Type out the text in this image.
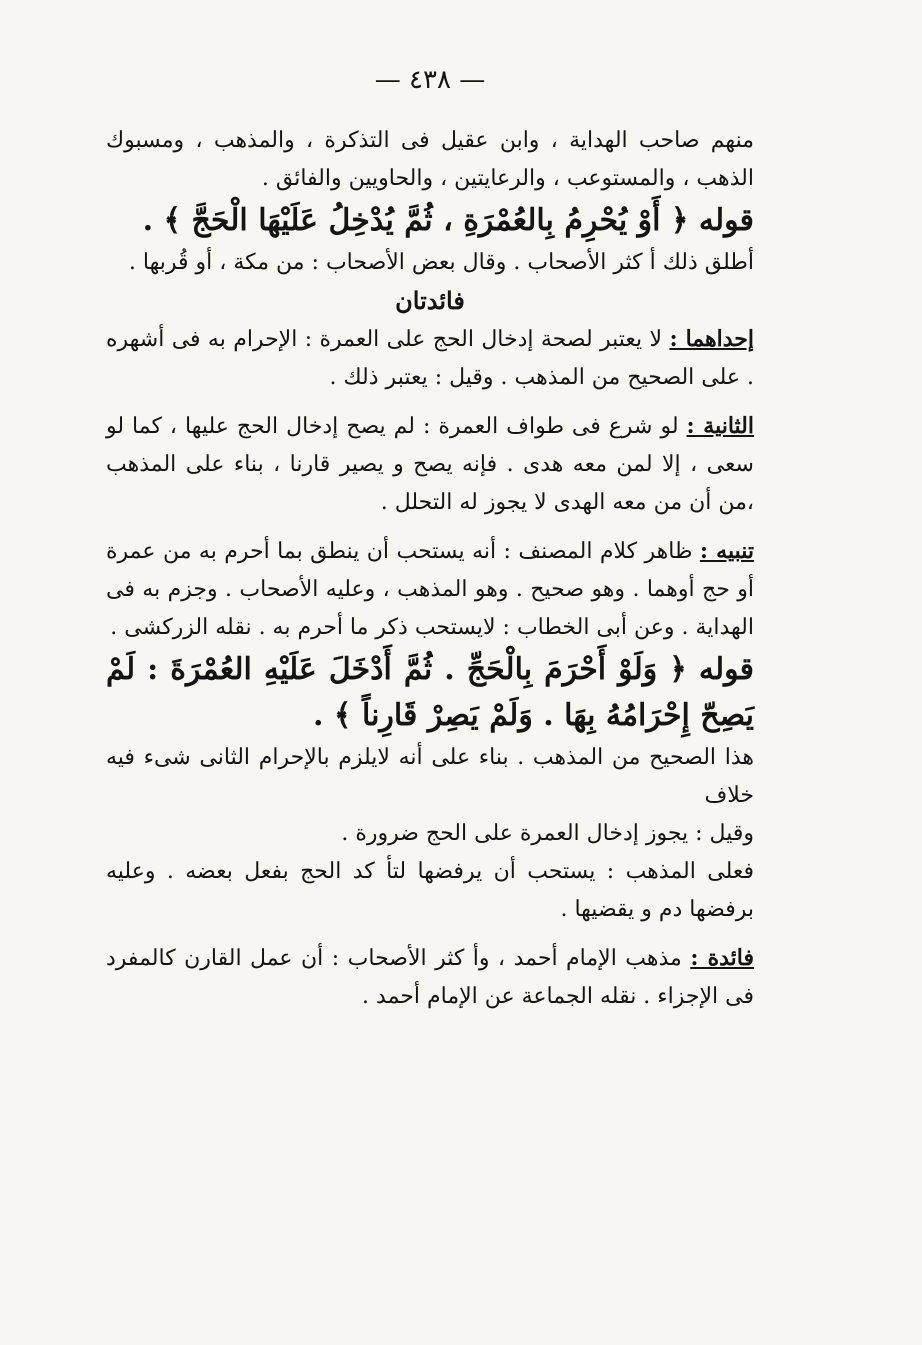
— ٤٣٨ —

منهم صاحب الهداية ، وابن عقيل فى التذكرة ، والمذهب ، ومسبوك الذهب ، والمستوعب ، والرعايتين ، والحاويين والفائق .

قوله ﴿ أَوْ يُحْرِمُ بِالعُمْرَةِ ، ثُمَّ يُدْخِلُ عَلَيْهَا الْحَجَّ ﴾ .

أطلق ذلك أ كثر الأصحاب . وقال بعض الأصحاب : من مكة ، أو قُربها .

فائدتان

إحداهما : لا يعتبر لصحة إدخال الحج على العمرة : الإحرام به فى أشهره . على الصحيح من المذهب . وقيل : يعتبر ذلك .

الثانية : لو شرع فى طواف العمرة : لم يصح إدخال الحج عليها ، كما لو سعى ، إلا لمن معه هدى . فإنه يصح و يصير قارنا ، بناء على المذهب ،من أن من معه الهدى لا يجوز له التحلل .

تنبيه : ظاهر كلام المصنف : أنه يستحب أن ينطق بما أحرم به من عمرة أو حج أوهما . وهو صحيح . وهو المذهب ، وعليه الأصحاب . وجزم به فى الهداية . وعن أبى الخطاب : لايستحب ذكر ما أحرم به . نقله الزركشى .

قوله ﴿ وَلَوْ أَحْرَمَ بِالْحَجِّ . ثُمَّ أَدْخَلَ عَلَيْهِ العُمْرَةَ : لَمْ يَصِحّ إِحْرَامُهُ بِهَا . وَلَمْ يَصِرْ قَارِناً ﴾ .

هذا الصحيح من المذهب . بناء على أنه لايلزم بالإحرام الثانى شىء فيه خلاف

وقيل : يجوز إدخال العمرة على الحج ضرورة .

فعلى المذهب : يستحب أن يرفضها لتأ كد الحج بفعل بعضه . وعليه برفضها دم و يقضيها .

فائدة : مذهب الإمام أحمد ، وأ كثر الأصحاب : أن عمل القارن كالمفرد فى الإجزاء . نقله الجماعة عن الإمام أحمد .
